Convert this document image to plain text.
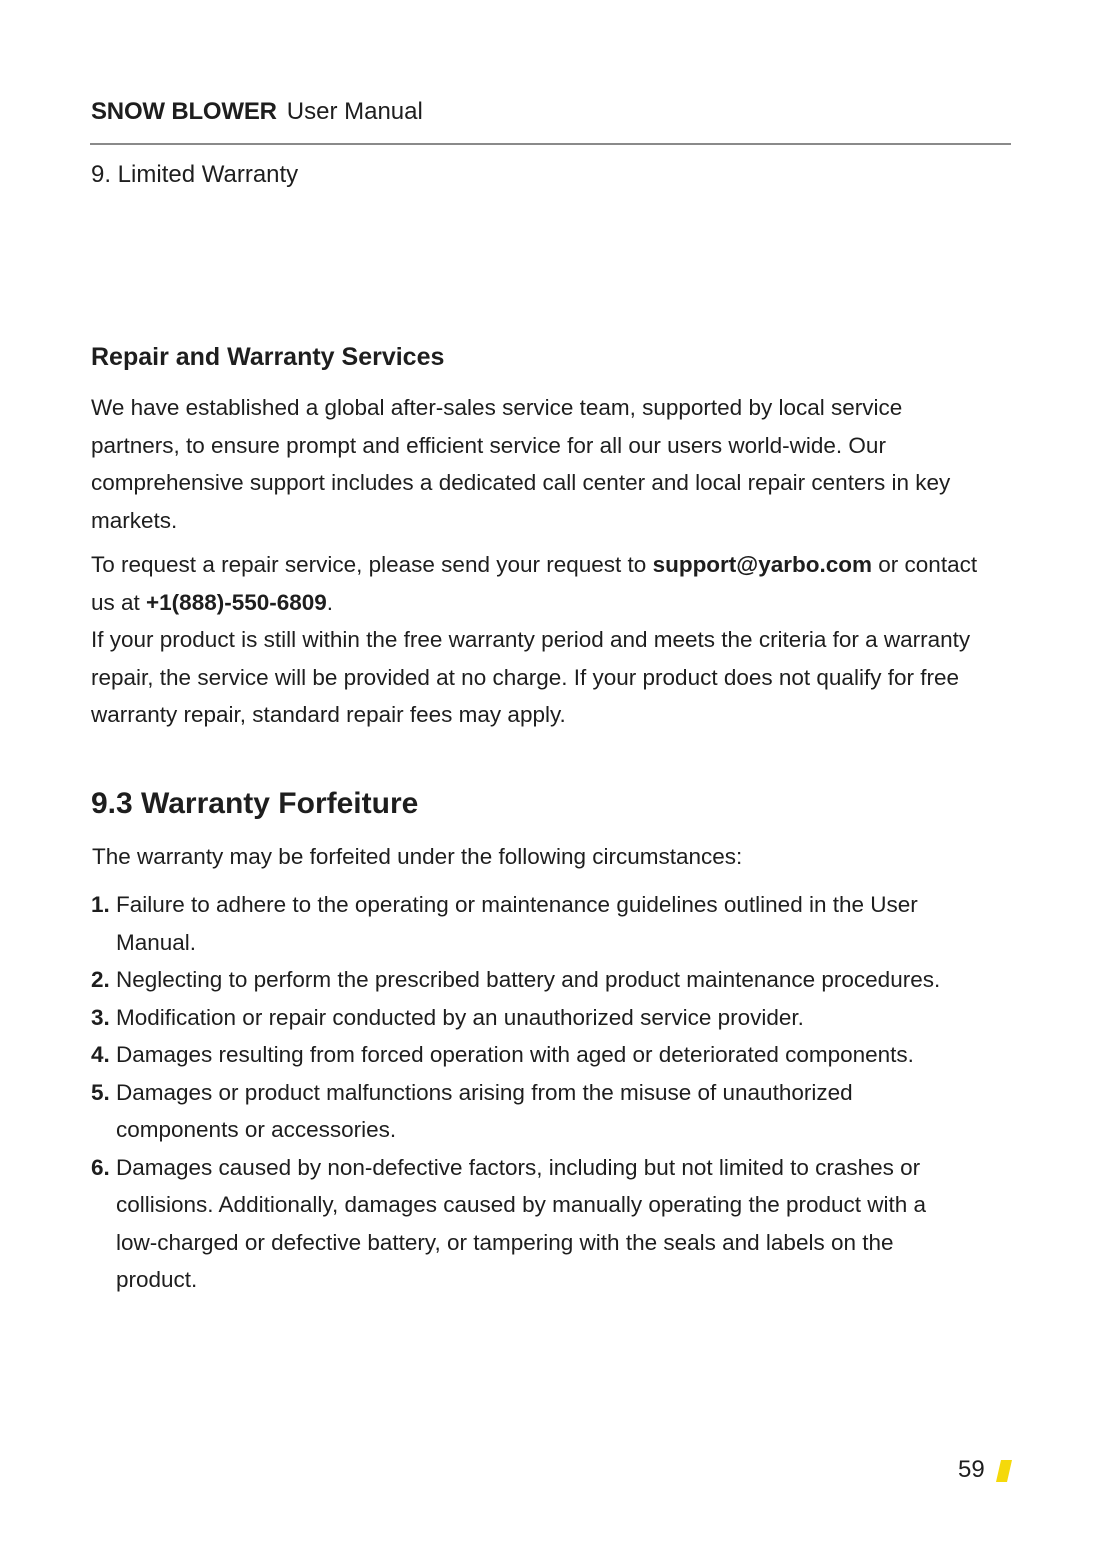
SNOW BLOWER User Manual
9. Limited Warranty
Repair and Warranty Services

We have established a global after-sales service team, supported by local service partners, to ensure prompt and efficient service for all our users world-wide. Our comprehensive support includes a dedicated call center and local repair centers in key markets.

To request a repair service, please send your request to support@yarbo.com or contact us at +1(888)-550-6809.

If your product is still within the free warranty period and meets the criteria for a warranty repair, the service will be provided at no charge. If your product does not qualify for free warranty repair, standard repair fees may apply.

9.3 Warranty Forfeiture
The warranty may be forfeited under the following circumstances:
1. Failure to adhere to the operating or maintenance guidelines outlined in the User Manual.
2. Neglecting to perform the prescribed battery and product maintenance procedures.
3. Modification or repair conducted by an unauthorized service provider.
4. Damages resulting from forced operation with aged or deteriorated components.
5. Damages or product malfunctions arising from the misuse of unauthorized components or accessories.
6. Damages caused by non-defective factors, including but not limited to crashes or collisions. Additionally, damages caused by manually operating the product with a low-charged or defective battery, or tampering with the seals and labels on the product.
59
